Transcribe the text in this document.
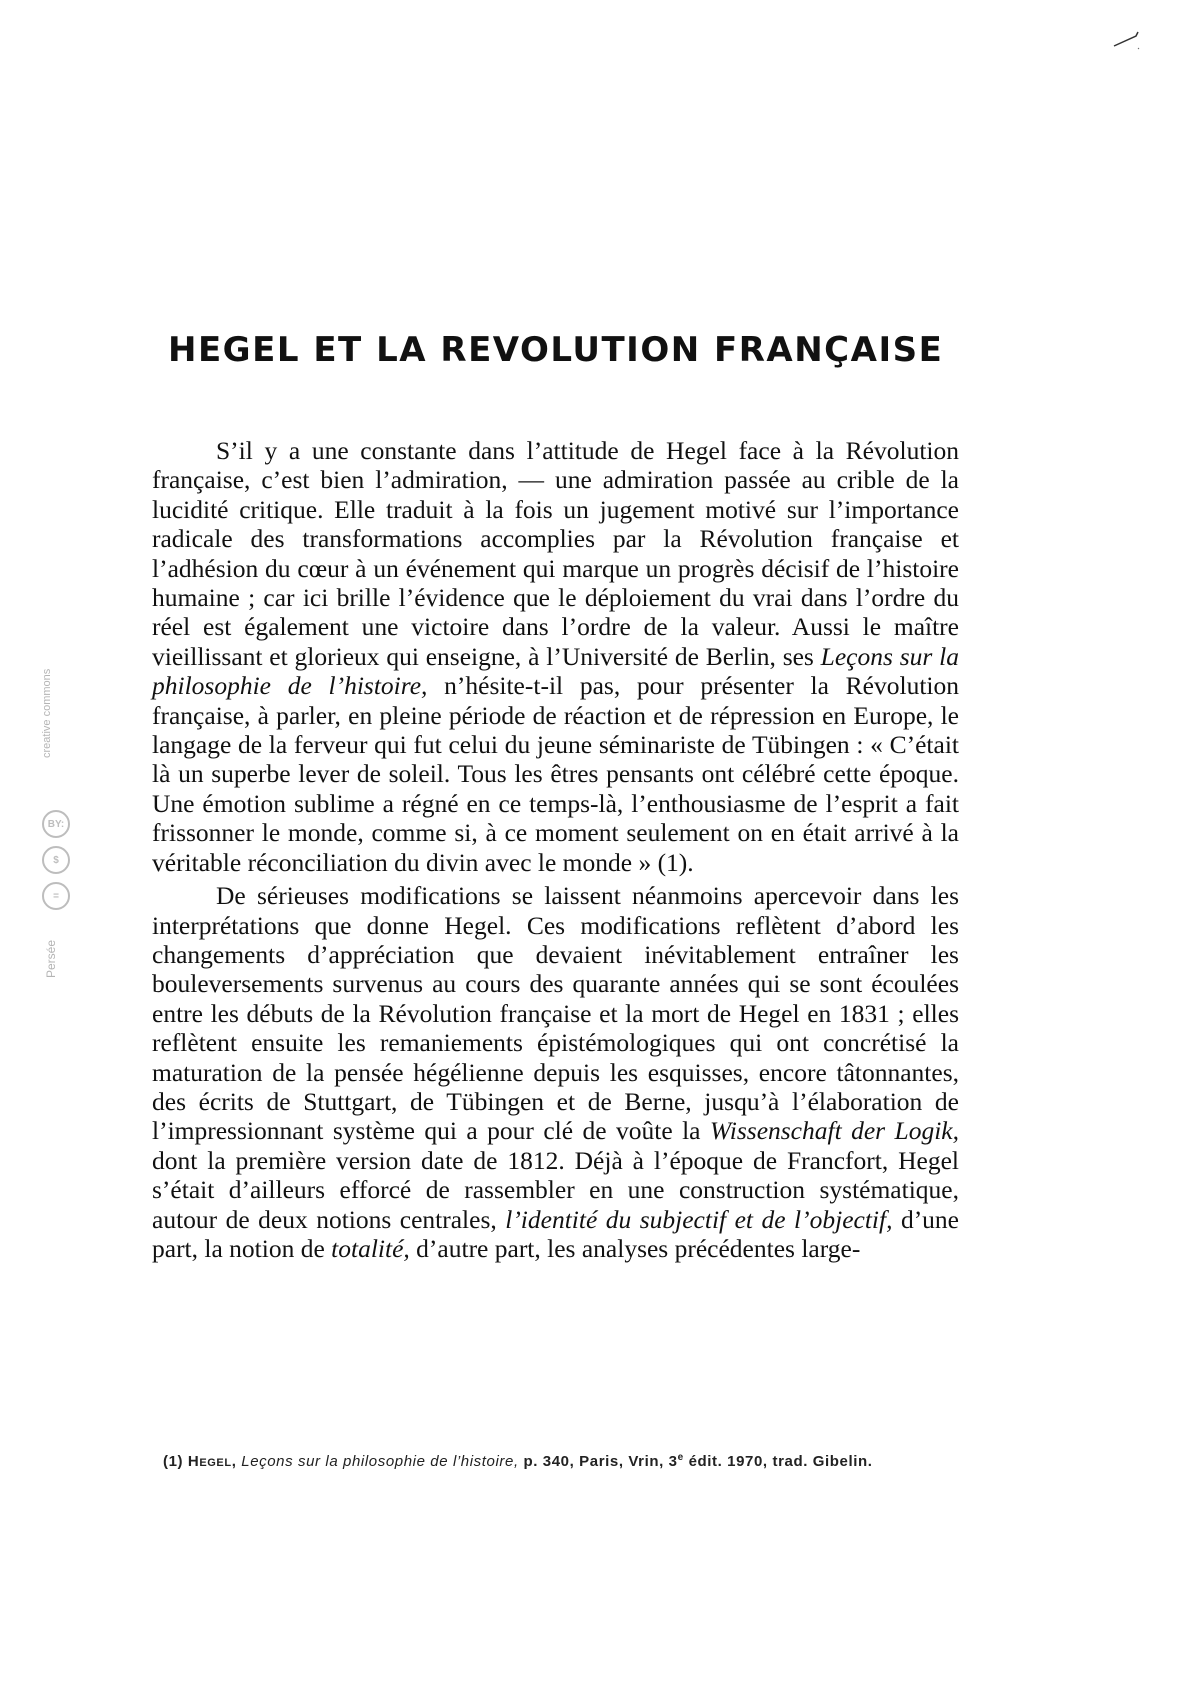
HEGEL ET LA REVOLUTION FRANÇAISE

S’il y a une constante dans l’attitude de Hegel face à la Révolution française, c’est bien l’admiration, — une admiration passée au crible de la lucidité critique. Elle traduit à la fois un jugement motivé sur l’importance radicale des transformations accomplies par la Révolution française et l’adhésion du cœur à un événement qui marque un progrès décisif de l’histoire humaine ; car ici brille l’évidence que le déploiement du vrai dans l’ordre du réel est également une victoire dans l’ordre de la valeur. Aussi le maître vieillissant et glorieux qui enseigne, à l’Université de Berlin, ses Leçons sur la philosophie de l’histoire, n’hésite-t-il pas, pour présenter la Révolution française, à parler, en pleine période de réaction et de répression en Europe, le langage de la ferveur qui fut celui du jeune séminariste de Tübingen : « C’était là un superbe lever de soleil. Tous les êtres pensants ont célébré cette époque. Une émotion sublime a régné en ce temps-là, l’enthousiasme de l’esprit a fait frissonner le monde, comme si, à ce moment seulement on en était arrivé à la véritable réconciliation du divin avec le monde » (1).

De sérieuses modifications se laissent néanmoins apercevoir dans les interprétations que donne Hegel. Ces modifications reflètent d’abord les changements d’appréciation que devaient inévitablement entraîner les bouleversements survenus au cours des quarante années qui se sont écoulées entre les débuts de la Révolution française et la mort de Hegel en 1831 ; elles reflètent ensuite les remaniements épistémologiques qui ont concrétisé la maturation de la pensée hégélienne depuis les esquisses, encore tâtonnantes, des écrits de Stuttgart, de Tübingen et de Berne, jusqu’à l’élaboration de l’impressionnant système qui a pour clé de voûte la Wissenschaft der Logik, dont la première version date de 1812. Déjà à l’époque de Francfort, Hegel s’était d’ailleurs efforcé de rassembler en une construction systématique, autour de deux notions centrales, l’identité du subjectif et de l’objectif, d’une part, la notion de totalité, d’autre part, les analyses précédentes large-

(1) Hegel, Leçons sur la philosophie de l’histoire, p. 340, Paris, Vrin, 3e édit. 1970, trad. Gibelin.
creative commons
BY:
$
=
Persée
